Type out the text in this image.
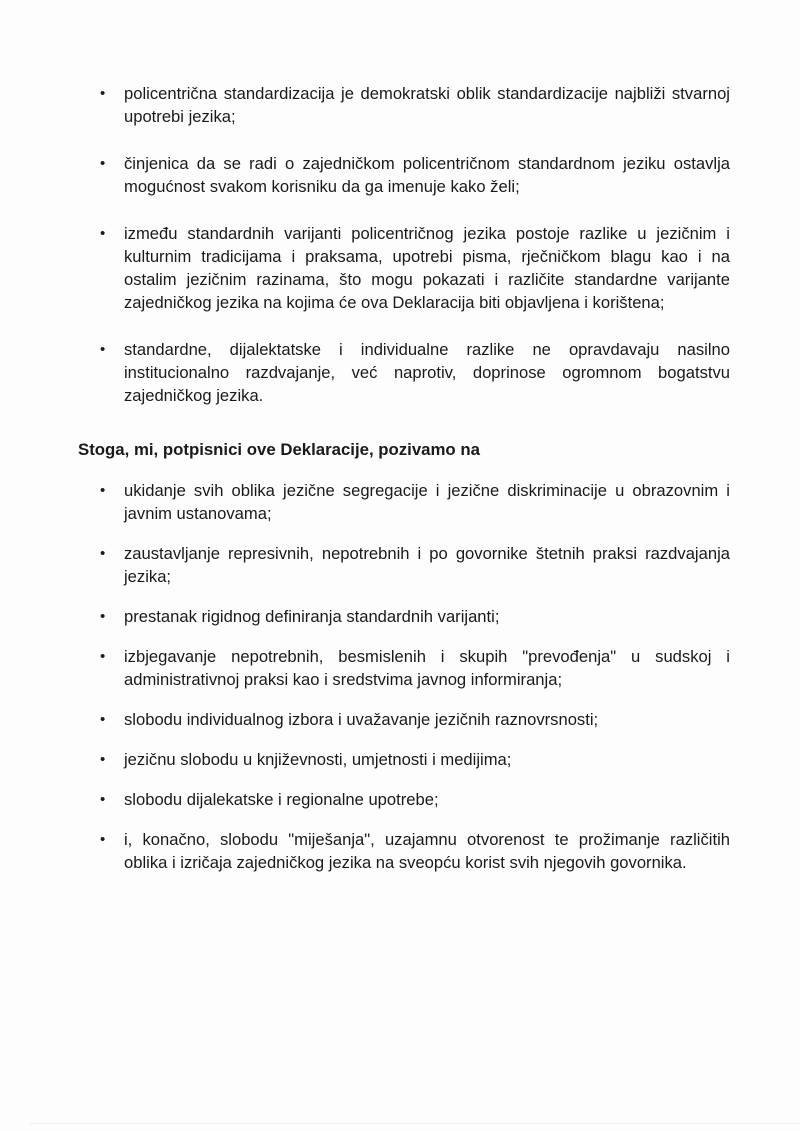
•	policentrična standardizacija je demokratski oblik standardizacije najbliži stvarnoj upotrebi jezika;
•	činjenica da se radi o zajedničkom policentričnom standardnom jeziku ostavlja mogućnost svakom korisniku da ga imenuje kako želi;
•	između standardnih varijanti policentričnog jezika postoje razlike u jezičnim i kulturnim tradicijama i praksama, upotrebi pisma, rječničkom blagu kao i na ostalim jezičnim razinama, što mogu pokazati i različite standardne varijante zajedničkog jezika na kojima će ova Deklaracija biti objavljena i korištena;
•	standardne, dijalektatske i individualne razlike ne opravdavaju nasilno institucionalno razdvajanje, već naprotiv, doprinose ogromnom bogatstvu zajedničkog jezika.

Stoga, mi, potpisnici ove Deklaracije, pozivamo na

•	ukidanje svih oblika jezične segregacije i jezične diskriminacije u obrazovnim i javnim ustanovama;
•	zaustavljanje represivnih, nepotrebnih i po govornike štetnih praksi razdvajanja jezika;
•	prestanak rigidnog definiranja standardnih varijanti;
•	izbjegavanje nepotrebnih, besmislenih i skupih "prevođenja" u sudskoj i administrativnoj praksi kao i sredstvima javnog informiranja;
•	slobodu individualnog izbora i uvažavanje jezičnih raznovrsnosti;
•	jezičnu slobodu u književnosti, umjetnosti i medijima;
•	slobodu dijalekatske i regionalne upotrebe;
•	i, konačno, slobodu "miješanja", uzajamnu otvorenost te prožimanje različitih oblika i izričaja zajedničkog jezika na sveopću korist svih njegovih govornika.
